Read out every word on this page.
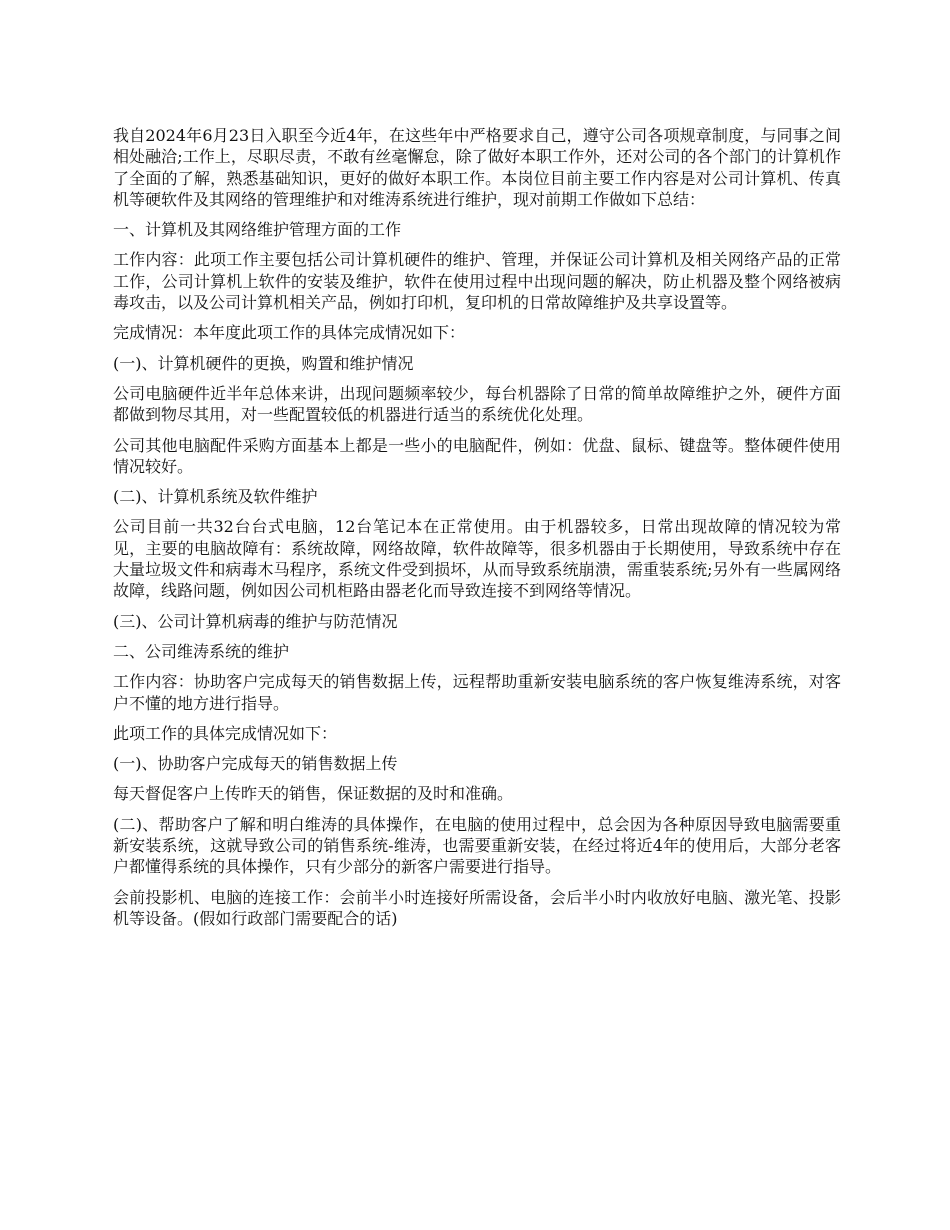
我自2024年6月23日入职至今近4年，在这些年中严格要求自己，遵守公司各项规章制度，与同事之间相处融洽;工作上，尽职尽责，不敢有丝毫懈怠，除了做好本职工作外，还对公司的各个部门的计算机作了全面的了解，熟悉基础知识，更好的做好本职工作。本岗位目前主要工作内容是对公司计算机、传真机等硬软件及其网络的管理维护和对维涛系统进行维护，现对前期工作做如下总结：

一、计算机及其网络维护管理方面的工作

工作内容：此项工作主要包括公司计算机硬件的维护、管理，并保证公司计算机及相关网络产品的正常工作，公司计算机上软件的安装及维护，软件在使用过程中出现问题的解决，防止机器及整个网络被病毒攻击，以及公司计算机相关产品，例如打印机，复印机的日常故障维护及共享设置等。

完成情况：本年度此项工作的具体完成情况如下：

(一)、计算机硬件的更换，购置和维护情况

公司电脑硬件近半年总体来讲，出现问题频率较少，每台机器除了日常的简单故障维护之外，硬件方面都做到物尽其用，对一些配置较低的机器进行适当的系统优化处理。

公司其他电脑配件采购方面基本上都是一些小的电脑配件，例如：优盘、鼠标、键盘等。整体硬件使用情况较好。

(二)、计算机系统及软件维护

公司目前一共32台台式电脑，12台笔记本在正常使用。由于机器较多，日常出现故障的情况较为常见，主要的电脑故障有：系统故障，网络故障，软件故障等，很多机器由于长期使用，导致系统中存在大量垃圾文件和病毒木马程序，系统文件受到损坏，从而导致系统崩溃，需重装系统;另外有一些属网络故障，线路问题，例如因公司机柜路由器老化而导致连接不到网络等情况。

(三)、公司计算机病毒的维护与防范情况

二、公司维涛系统的维护

工作内容：协助客户完成每天的销售数据上传，远程帮助重新安装电脑系统的客户恢复维涛系统，对客户不懂的地方进行指导。

此项工作的具体完成情况如下：

(一)、协助客户完成每天的销售数据上传

每天督促客户上传昨天的销售，保证数据的及时和准确。

(二)、帮助客户了解和明白维涛的具体操作，在电脑的使用过程中，总会因为各种原因导致电脑需要重新安装系统，这就导致公司的销售系统-维涛，也需要重新安装，在经过将近4年的使用后，大部分老客户都懂得系统的具体操作，只有少部分的新客户需要进行指导。

会前投影机、电脑的连接工作：会前半小时连接好所需设备，会后半小时内收放好电脑、激光笔、投影机等设备。(假如行政部门需要配合的话)
